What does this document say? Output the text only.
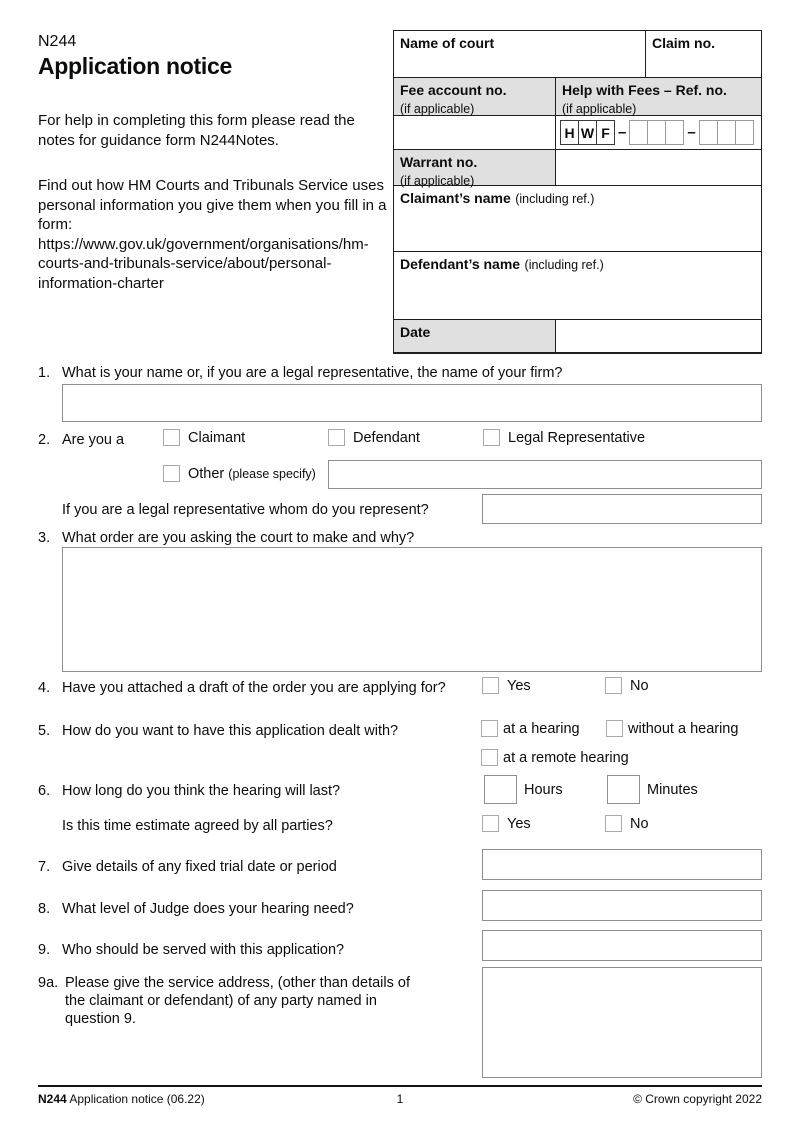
N244
Application notice

For help in completing this form please read the notes for guidance form N244Notes.

Find out how HM Courts and Tribunals Service uses personal information you give them when you fill in a form: https://www.gov.uk/government/organisations/hm-courts-and-tribunals-service/about/personal-information-charter

Name of court	Claim no.
Fee account no.
(if applicable)
Help with Fees – Ref. no.
(if applicable)
H W F –	–
Warrant no.
(if applicable)
Claimant’s name (including ref.)
Defendant’s name (including ref.)
Date
1. What is your name or, if you are a legal representative, the name of your firm?
2. Are you a	Claimant	Defendant	Legal Representative
Other (please specify)
If you are a legal representative whom do you represent?
3. What order are you asking the court to make and why?
4. Have you attached a draft of the order you are applying for?	Yes	No
5. How do you want to have this application dealt with?	at a hearing	without a hearing
at a remote hearing
6. How long do you think the hearing will last?	Hours	Minutes
Is this time estimate agreed by all parties?	Yes	No
7. Give details of any fixed trial date or period
8. What level of Judge does your hearing need?
9. Who should be served with this application?
9a. Please give the service address, (other than details of the claimant or defendant) of any party named in question 9.
N244 Application notice (06.22)	1	© Crown copyright 2022
